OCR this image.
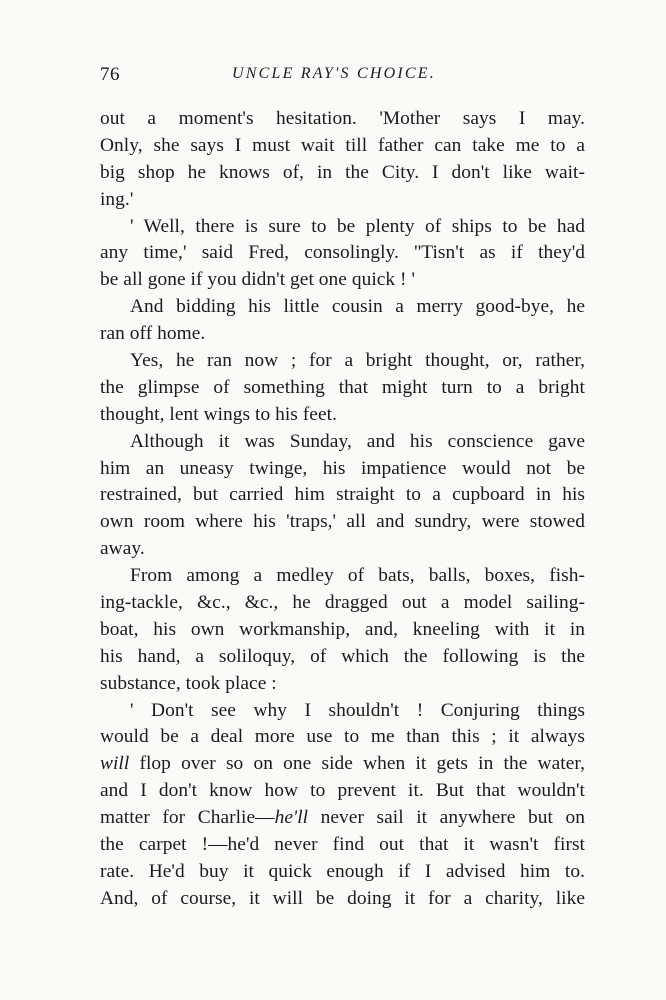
76	UNCLE RAY'S CHOICE.
out a moment's hesitation. 'Mother says I may.
Only, she says I must wait till father can take me to a
big shop he knows of, in the City. I don't like wait-
ing.'
' Well, there is sure to be plenty of ships to be had
any time,' said Fred, consolingly. ''Tisn't as if they'd
be all gone if you didn't get one quick ! '
And bidding his little cousin a merry good-bye, he
ran off home.
Yes, he ran now ; for a bright thought, or, rather,
the glimpse of something that might turn to a bright
thought, lent wings to his feet.
Although it was Sunday, and his conscience gave
him an uneasy twinge, his impatience would not be
restrained, but carried him straight to a cupboard in his
own room where his 'traps,' all and sundry, were stowed
away.
From among a medley of bats, balls, boxes, fish-
ing-tackle, &c., &c., he dragged out a model sailing-
boat, his own workmanship, and, kneeling with it in
his hand, a soliloquy, of which the following is the
substance, took place :
' Don't see why I shouldn't ! Conjuring things
would be a deal more use to me than this ; it always
will flop over so on one side when it gets in the water,
and I don't know how to prevent it. But that wouldn't
matter for Charlie—he'll never sail it anywhere but on
the carpet !—he'd never find out that it wasn't first
rate. He'd buy it quick enough if I advised him to.
And, of course, it will be doing it for a charity, like
